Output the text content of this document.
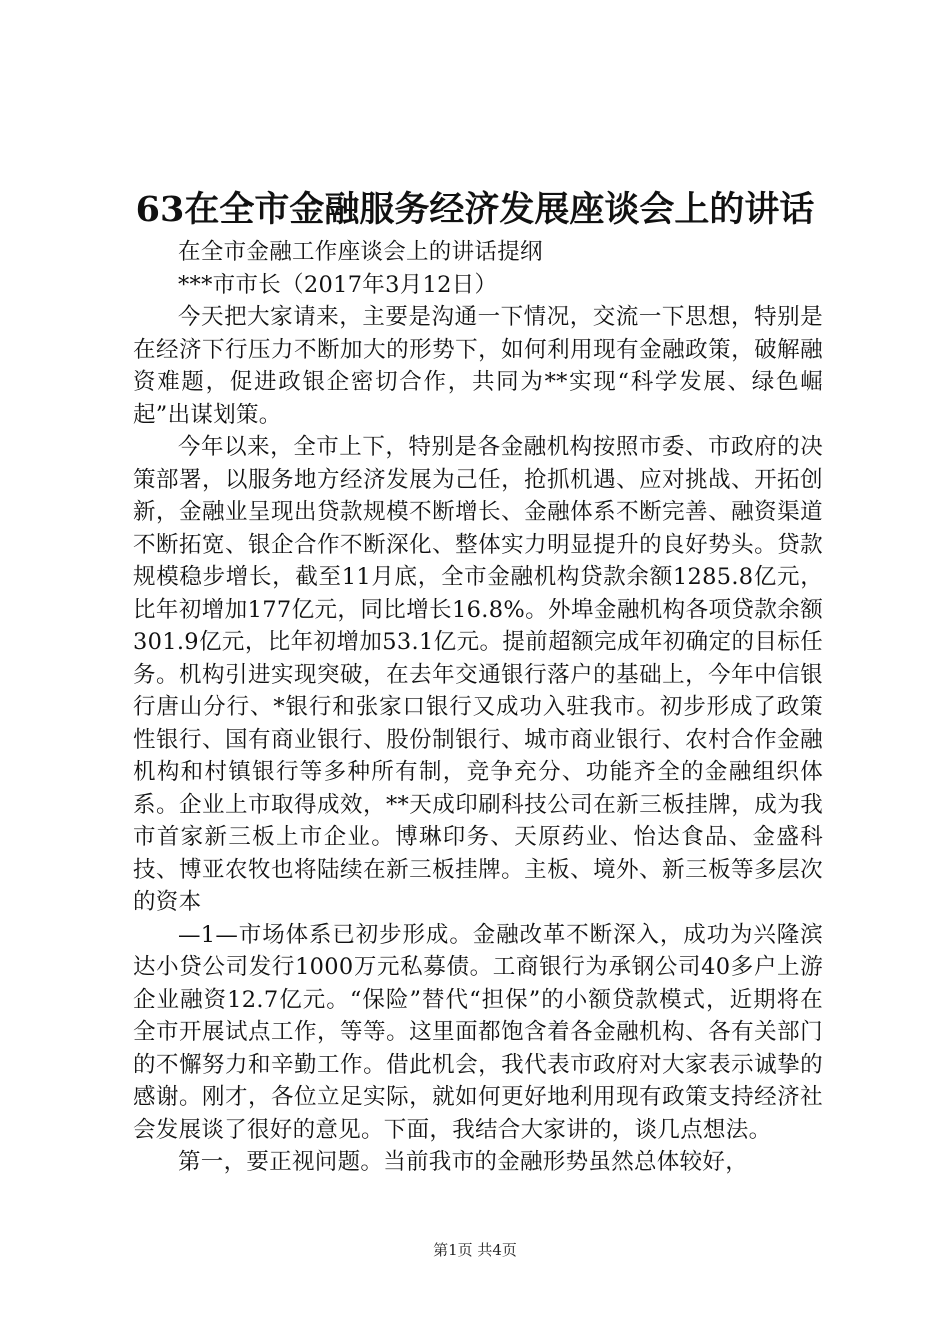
63在全市金融服务经济发展座谈会上的讲话

在全市金融工作座谈会上的讲话提纲

***市市长（2017年3月12日）

今天把大家请来，主要是沟通一下情况，交流一下思想，特别是在经济下行压力不断加大的形势下，如何利用现有金融政策，破解融资难题，促进政银企密切合作，共同为**实现“科学发展、绿色崛起”出谋划策。

今年以来，全市上下，特别是各金融机构按照市委、市政府的决策部署，以服务地方经济发展为己任，抢抓机遇、应对挑战、开拓创新，金融业呈现出贷款规模不断增长、金融体系不断完善、融资渠道不断拓宽、银企合作不断深化、整体实力明显提升的良好势头。贷款规模稳步增长，截至11月底，全市金融机构贷款余额1285.8亿元，比年初增加177亿元，同比增长16.8%。外埠金融机构各项贷款余额301.9亿元，比年初增加53.1亿元。提前超额完成年初确定的目标任务。机构引进实现突破，在去年交通银行落户的基础上，今年中信银行唐山分行、*银行和张家口银行又成功入驻我市。初步形成了政策性银行、国有商业银行、股份制银行、城市商业银行、农村合作金融机构和村镇银行等多种所有制，竞争充分、功能齐全的金融组织体系。企业上市取得成效，**天成印刷科技公司在新三板挂牌，成为我市首家新三板上市企业。博琳印务、天原药业、怡达食品、金盛科技、博亚农牧也将陆续在新三板挂牌。主板、境外、新三板等多层次的资本

—1—市场体系已初步形成。金融改革不断深入，成功为兴隆滨达小贷公司发行1000万元私募债。工商银行为承钢公司40多户上游企业融资12.7亿元。“保险”替代“担保”的小额贷款模式，近期将在全市开展试点工作，等等。这里面都饱含着各金融机构、各有关部门的不懈努力和辛勤工作。借此机会，我代表市政府对大家表示诚挚的感谢。刚才，各位立足实际，就如何更好地利用现有政策支持经济社会发展谈了很好的意见。下面，我结合大家讲的，谈几点想法。

第一，要正视问题。当前我市的金融形势虽然总体较好，

第1页 共4页
